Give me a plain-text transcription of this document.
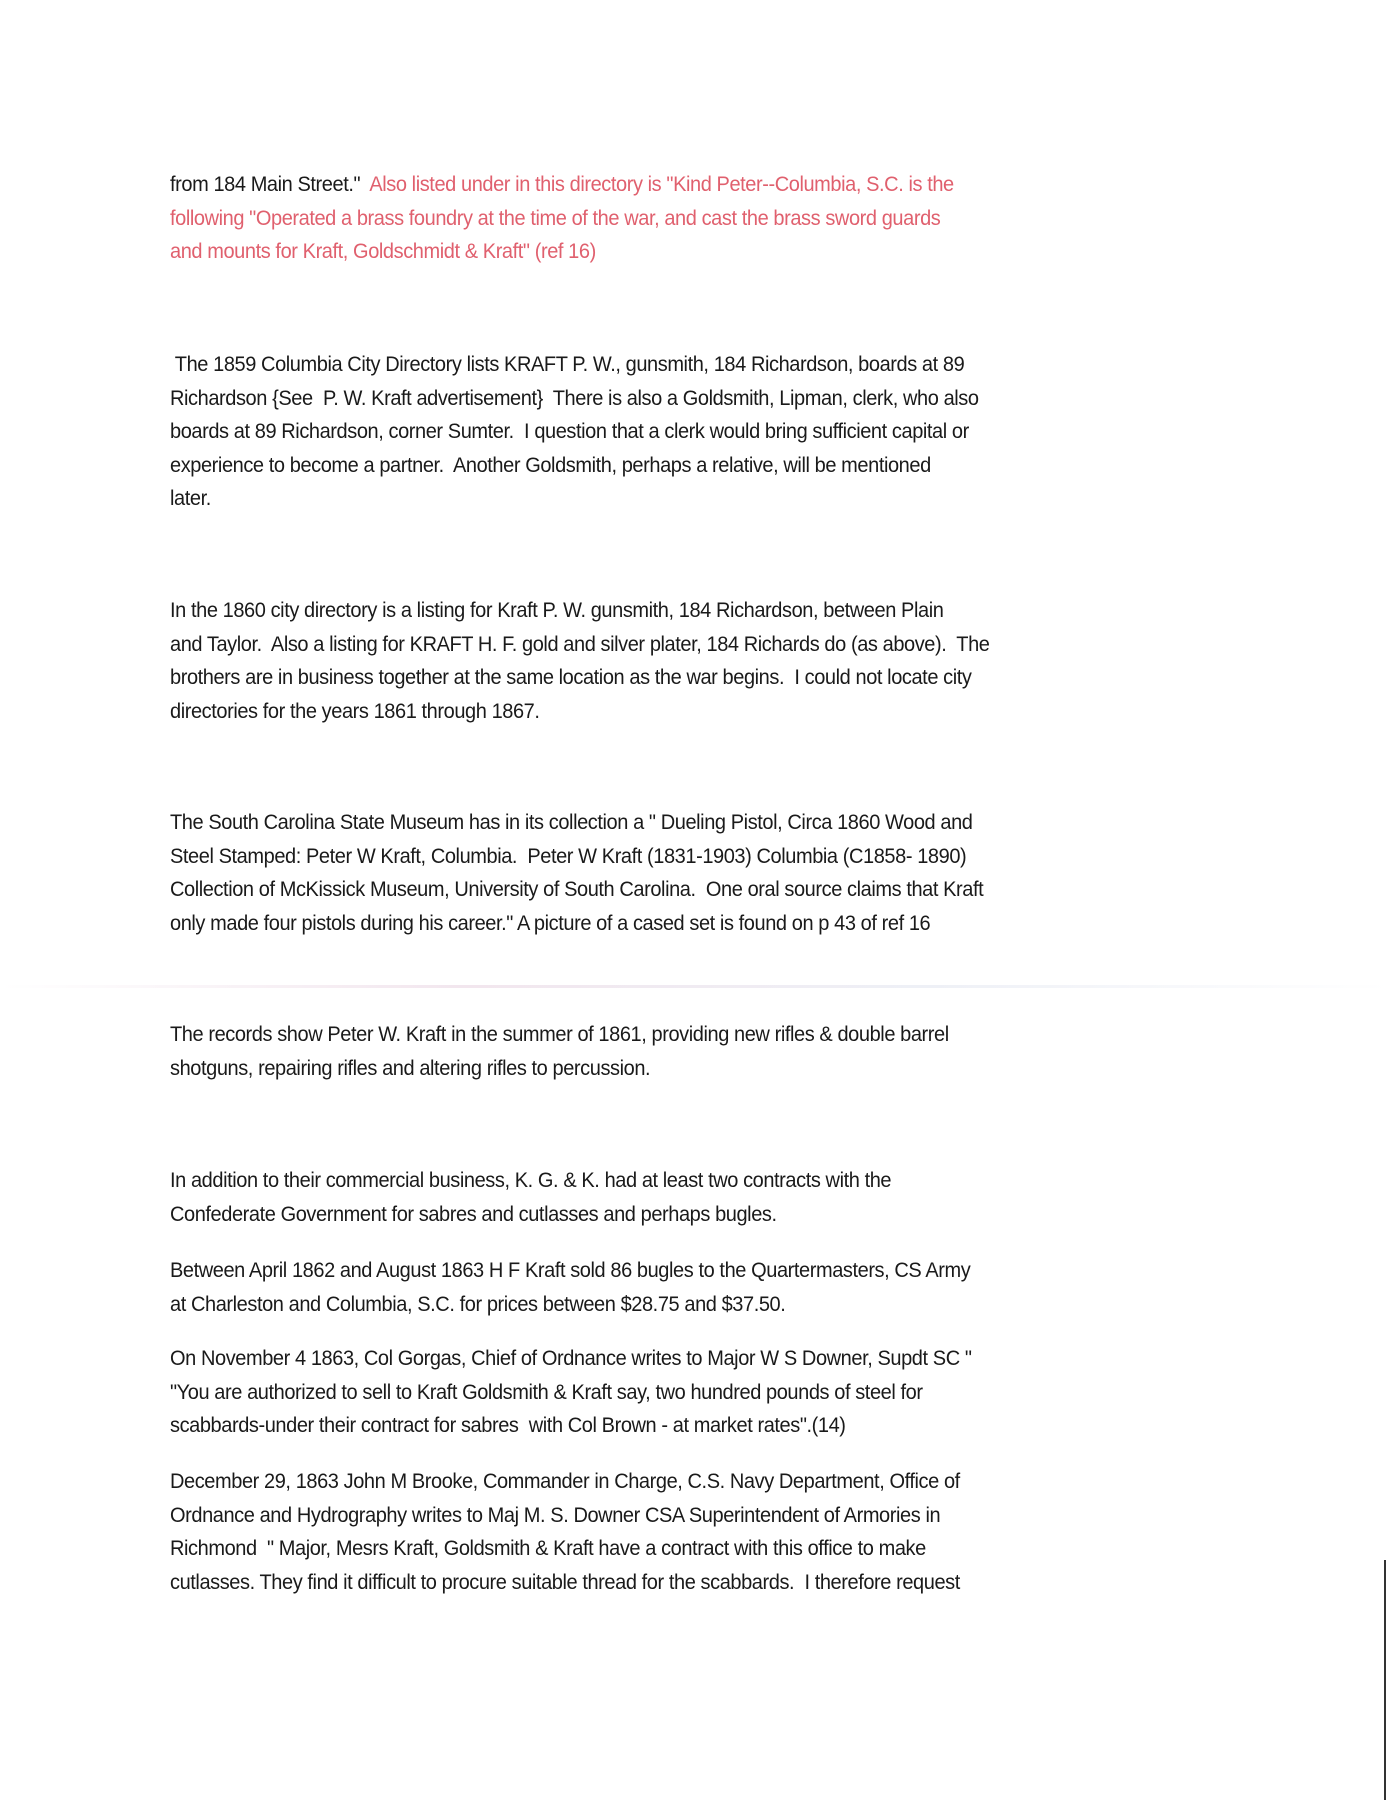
from 184 Main Street."  Also listed under in this directory is "Kind Peter--Columbia, S.C. is the
following "Operated a brass foundry at the time of the war, and cast the brass sword guards
and mounts for Kraft, Goldschmidt & Kraft" (ref 16)
The 1859 Columbia City Directory lists KRAFT P. W., gunsmith, 184 Richardson, boards at 89
Richardson {See  P. W. Kraft advertisement}  There is also a Goldsmith, Lipman, clerk, who also
boards at 89 Richardson, corner Sumter.  I question that a clerk would bring sufficient capital or
experience to become a partner.  Another Goldsmith, perhaps a relative, will be mentioned
later.
In the 1860 city directory is a listing for Kraft P. W. gunsmith, 184 Richardson, between Plain
and Taylor.  Also a listing for KRAFT H. F. gold and silver plater, 184 Richards do (as above).  The
brothers are in business together at the same location as the war begins.  I could not locate city
directories for the years 1861 through 1867.
The South Carolina State Museum has in its collection a " Dueling Pistol, Circa 1860 Wood and
Steel Stamped: Peter W Kraft, Columbia.  Peter W Kraft (1831-1903) Columbia (C1858- 1890)
Collection of McKissick Museum, University of South Carolina.  One oral source claims that Kraft
only made four pistols during his career." A picture of a cased set is found on p 43 of ref 16
The records show Peter W. Kraft in the summer of 1861, providing new rifles & double barrel
shotguns, repairing rifles and altering rifles to percussion.
In addition to their commercial business, K. G. & K. had at least two contracts with the
Confederate Government for sabres and cutlasses and perhaps bugles.
Between April 1862 and August 1863 H F Kraft sold 86 bugles to the Quartermasters, CS Army
at Charleston and Columbia, S.C. for prices between $28.75 and $37.50.
On November 4 1863, Col Gorgas, Chief of Ordnance writes to Major W S Downer, Supdt SC "
"You are authorized to sell to Kraft Goldsmith & Kraft say, two hundred pounds of steel for
scabbards-under their contract for sabres  with Col Brown - at market rates".(14)
December 29, 1863 John M Brooke, Commander in Charge, C.S. Navy Department, Office of
Ordnance and Hydrography writes to Maj M. S. Downer CSA Superintendent of Armories in
Richmond  " Major, Mesrs Kraft, Goldsmith & Kraft have a contract with this office to make
cutlasses. They find it difficult to procure suitable thread for the scabbards.  I therefore request
